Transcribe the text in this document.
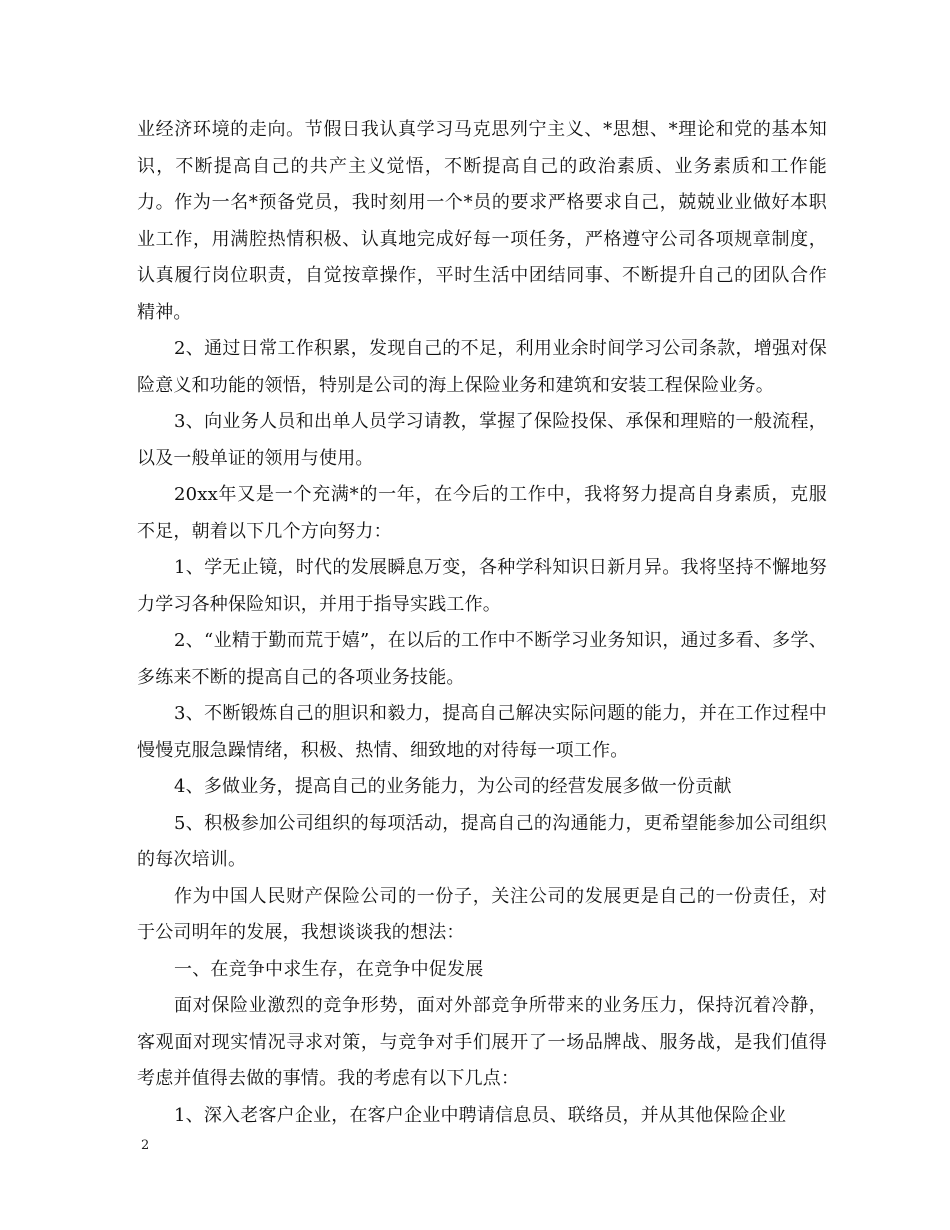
业经济环境的走向。节假日我认真学习马克思列宁主义、*思想、*理论和党的基本知识，不断提高自己的共产主义觉悟，不断提高自己的政治素质、业务素质和工作能力。作为一名*预备党员，我时刻用一个*员的要求严格要求自己，兢兢业业做好本职业工作，用满腔热情积极、认真地完成好每一项任务，严格遵守公司各项规章制度，认真履行岗位职责，自觉按章操作，平时生活中团结同事、不断提升自己的团队合作精神。

2、通过日常工作积累，发现自己的不足，利用业余时间学习公司条款，增强对保险意义和功能的领悟，特别是公司的海上保险业务和建筑和安装工程保险业务。

3、向业务人员和出单人员学习请教，掌握了保险投保、承保和理赔的一般流程，以及一般单证的领用与使用。

20xx年又是一个充满*的一年，在今后的工作中，我将努力提高自身素质，克服不足，朝着以下几个方向努力：

1、学无止镜，时代的发展瞬息万变，各种学科知识日新月异。我将坚持不懈地努力学习各种保险知识，并用于指导实践工作。

2、“业精于勤而荒于嬉”，在以后的工作中不断学习业务知识，通过多看、多学、多练来不断的提高自己的各项业务技能。

3、不断锻炼自己的胆识和毅力，提高自己解决实际问题的能力，并在工作过程中慢慢克服急躁情绪，积极、热情、细致地的对待每一项工作。

4、多做业务，提高自己的业务能力，为公司的经营发展多做一份贡献

5、积极参加公司组织的每项活动，提高自己的沟通能力，更希望能参加公司组织的每次培训。

作为中国人民财产保险公司的一份子，关注公司的发展更是自己的一份责任，对于公司明年的发展，我想谈谈我的想法：

一、在竞争中求生存，在竞争中促发展

面对保险业激烈的竞争形势，面对外部竞争所带来的业务压力，保持沉着冷静，客观面对现实情况寻求对策，与竞争对手们展开了一场品牌战、服务战，是我们值得考虑并值得去做的事情。我的考虑有以下几点：

1、深入老客户企业，在客户企业中聘请信息员、联络员，并从其他保险企业

2
